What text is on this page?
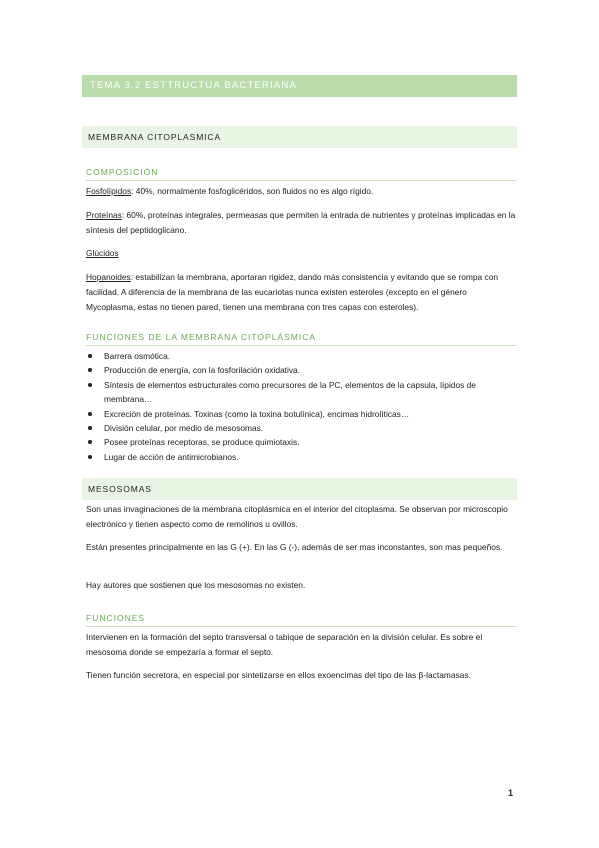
TEMA 3.2 ESTTRUCTUA BACTERIANA
MEMBRANA CITOPLASMICA
COMPOSICIÓN
Fosfolípidos: 40%, normalmente fosfoglicéridos, son fluidos no es algo rígido.
Proteínas: 60%, proteínas integrales, permeasas que permiten la entrada de nutrientes y proteínas implicadas en la síntesis del peptidoglicano.
Glúcidos
Hopanoides: estabilizan la membrana, aportaran rigidez, dando más consistencia y evitando que se rompa con facilidad. A diferencia de la membrana de las eucariotas nunca existen esteroles (excepto en el género Mycoplasma, estas no tienen pared, tienen una membrana con tres capas con esteroles).
FUNCIONES DE LA MEMBRANA CITOPLÁSMICA
Barrera osmótica.
Producción de energía, con la fosforilación oxidativa.
Síntesis de elementos estructurales como precursores de la PC, elementos de la capsula, lípidos de membrana…
Excreción de proteínas. Toxinas (como la toxina botulínica), encimas hidrolíticas…
División celular, por medio de mesosomas.
Posee proteínas receptoras, se produce quimiotaxis.
Lugar de acción de antimicrobianos.
MESOSOMAS
Son unas invaginaciones de la membrana citoplásmica en el interior del citoplasma. Se observan por microscopio electrónico y tienen aspecto como de remolinos u ovillos.
Están presentes principalmente en las G (+). En las G (-), además de ser mas inconstantes, son mas pequeños.
Hay autores que sostienen que los mesosomas no existen.
FUNCIONES
Intervienen en la formación del septo transversal o tabique de separación en la división celular. Es sobre el mesosoma donde se empezaría a formar el septo.
Tienen función secretora, en especial por sintetizarse en ellos exoencimas del tipo de las β-lactamasas.
1
